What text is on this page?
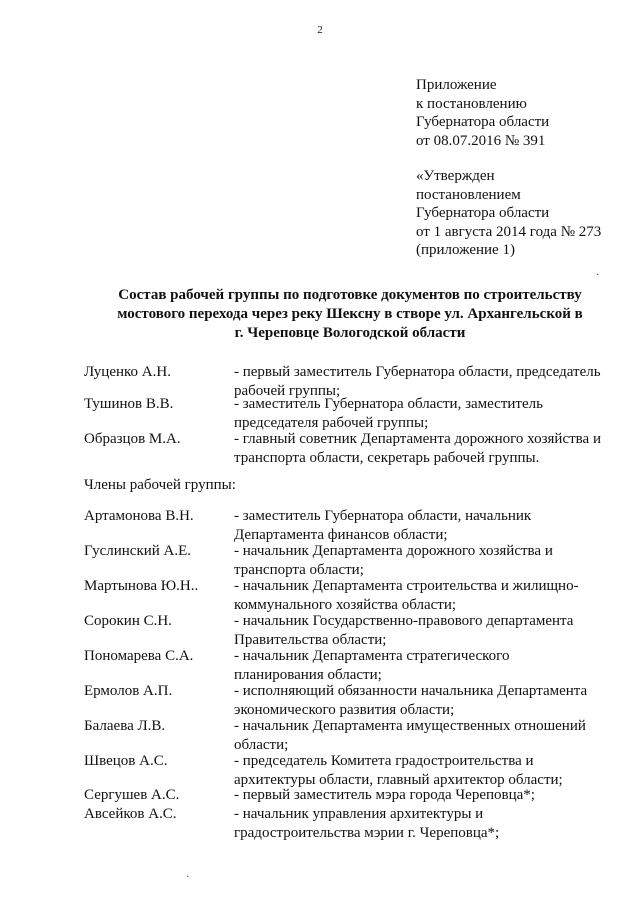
2
Приложение
к постановлению
Губернатора области
от 08.07.2016 № 391
«Утвержден
постановлением
Губернатора области
от 1 августа 2014 года № 273
(приложение 1)
Состав рабочей группы по подготовке документов по строительству
мостового перехода через реку Шексну в створе ул. Архангельской в
г. Череповце Вологодской области
Луценко А.Н.	- первый заместитель Губернатора области, председатель
рабочей группы;
Тушинов В.В.	- заместитель Губернатора области, заместитель
председателя рабочей группы;
Образцов М.А.	- главный советник Департамента дорожного хозяйства и
транспорта области, секретарь рабочей группы.
Члены рабочей группы:
Артамонова В.Н.	- заместитель Губернатора области, начальник
Департамента финансов области;
Гуслинский А.Е.	- начальник Департамента дорожного хозяйства и
транспорта области;
Мартынова Ю.Н.. - начальник Департамента строительства и жилищно-
коммунального хозяйства области;
Сорокин С.Н.	- начальник Государственно-правового департамента
Правительства области;
Пономарева С.А.	- начальник Департамента стратегического
планирования области;
Ермолов А.П.	- исполняющий обязанности начальника Департамента
экономического развития области;
Балаева Л.В.	- начальник Департамента имущественных отношений
области;
Швецов А.С.	- председатель Комитета градостроительства и
архитектуры области, главный архитектор области;
Сергушев А.С.	- первый заместитель мэра города Череповца*;
Авсейков А.С.	- начальник управления архитектуры и
градостроительства мэрии г. Череповца*;
·
·
